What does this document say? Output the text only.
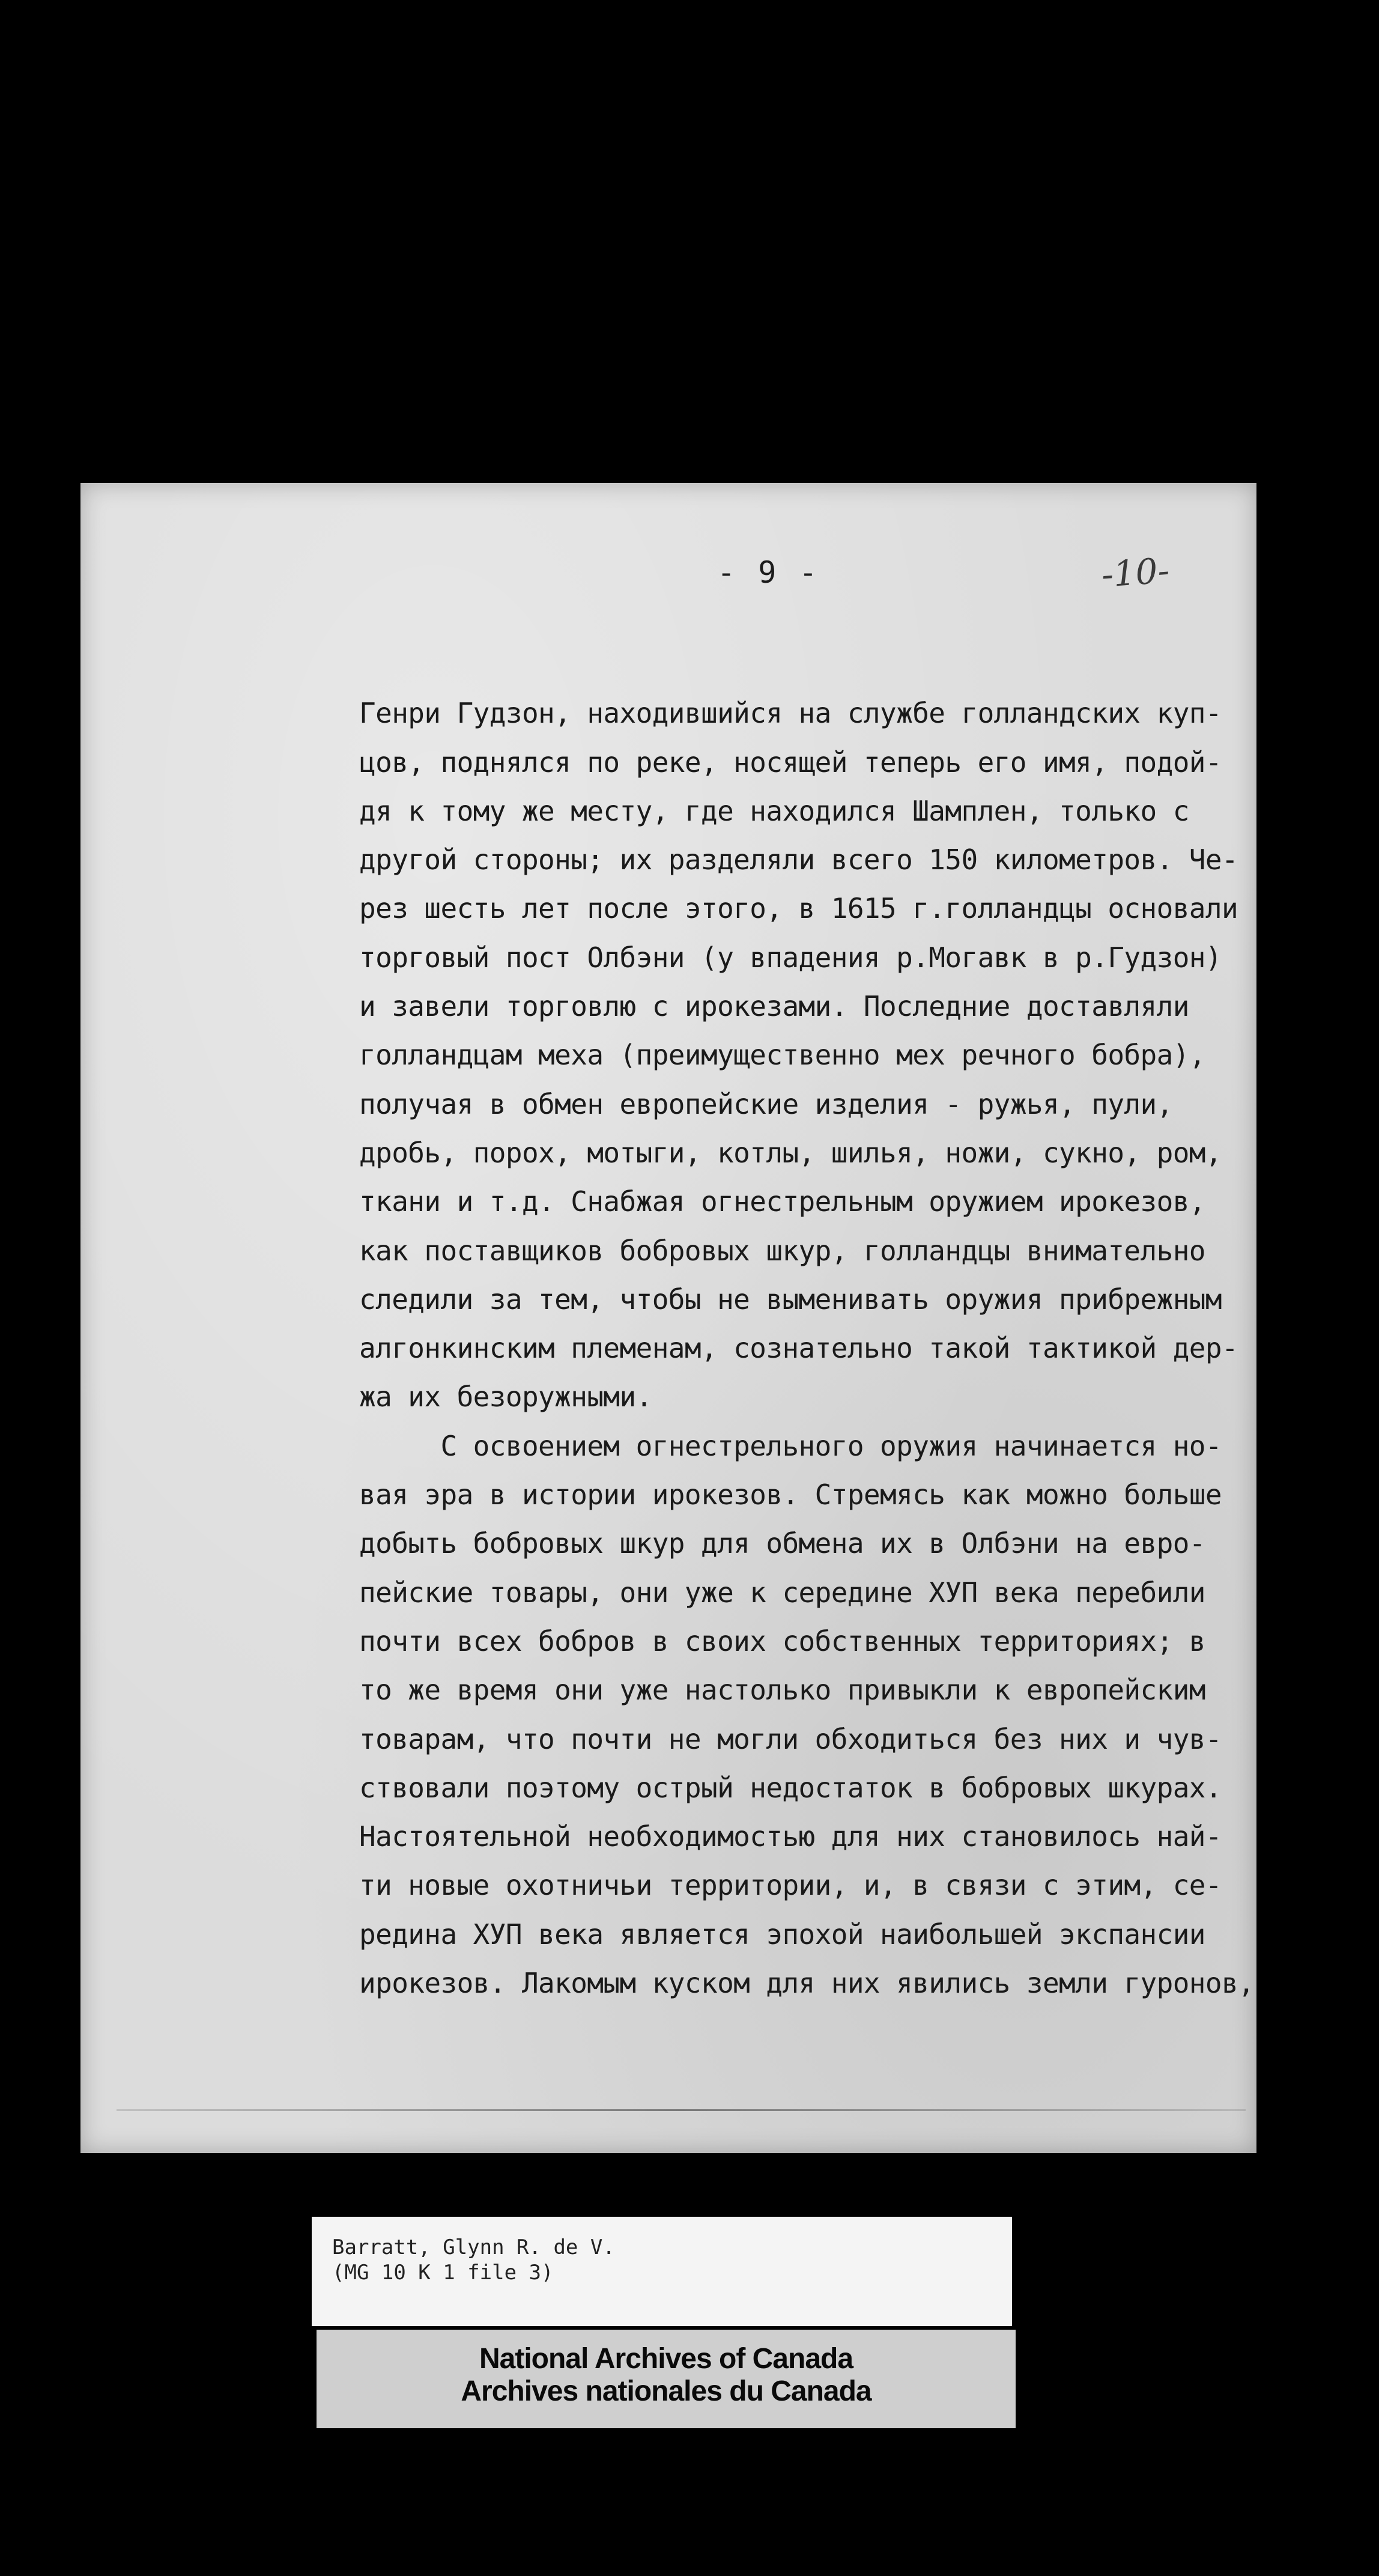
- 9 -	-10-

Генри Гудзон, находившийся на службе голландских куп-
цов, поднялся по реке, носящей теперь его имя, подой-
дя к тому же месту, где находился Шамплен, только с
другой стороны; их разделяли всего 150 километров. Че-
рез шесть лет после этого, в 1615 г.голландцы основали
торговый пост Олбэни (у впадения р.Могавк в р.Гудзон)
и завели торговлю с ирокезами. Последние доставляли
голландцам меха (преимущественно мех речного бобра),
получая в обмен европейские изделия - ружья, пули,
дробь, порох, мотыги, котлы, шилья, ножи, сукно, ром,
ткани и т.д. Снабжая огнестрельным оружием ирокезов,
как поставщиков бобровых шкур, голландцы внимательно
следили за тем, чтобы не выменивать оружия прибрежным
алгонкинским племенам, сознательно такой тактикой дер-
жа их безоружными.
С освоением огнестрельного оружия начинается но-
вая эра в истории ирокезов. Стремясь как можно больше
добыть бобровых шкур для обмена их в Олбэни на евро-
пейские товары, они уже к середине ХУП века перебили
почти всех бобров в своих собственных территориях; в
то же время они уже настолько привыкли к европейским
товарам, что почти не могли обходиться без них и чув-
ствовали поэтому острый недостаток в бобровых шкурах.
Настоятельной необходимостью для них становилось най-
ти новые охотничьи территории, и, в связи с этим, се-
редина ХУП века является эпохой наибольшей экспансии
ирокезов. Лакомым куском для них явились земли гуронов,
Barratt, Glynn R. de V.
(MG 10 K 1 file 3)
National Archives of Canada
Archives nationales du Canada
